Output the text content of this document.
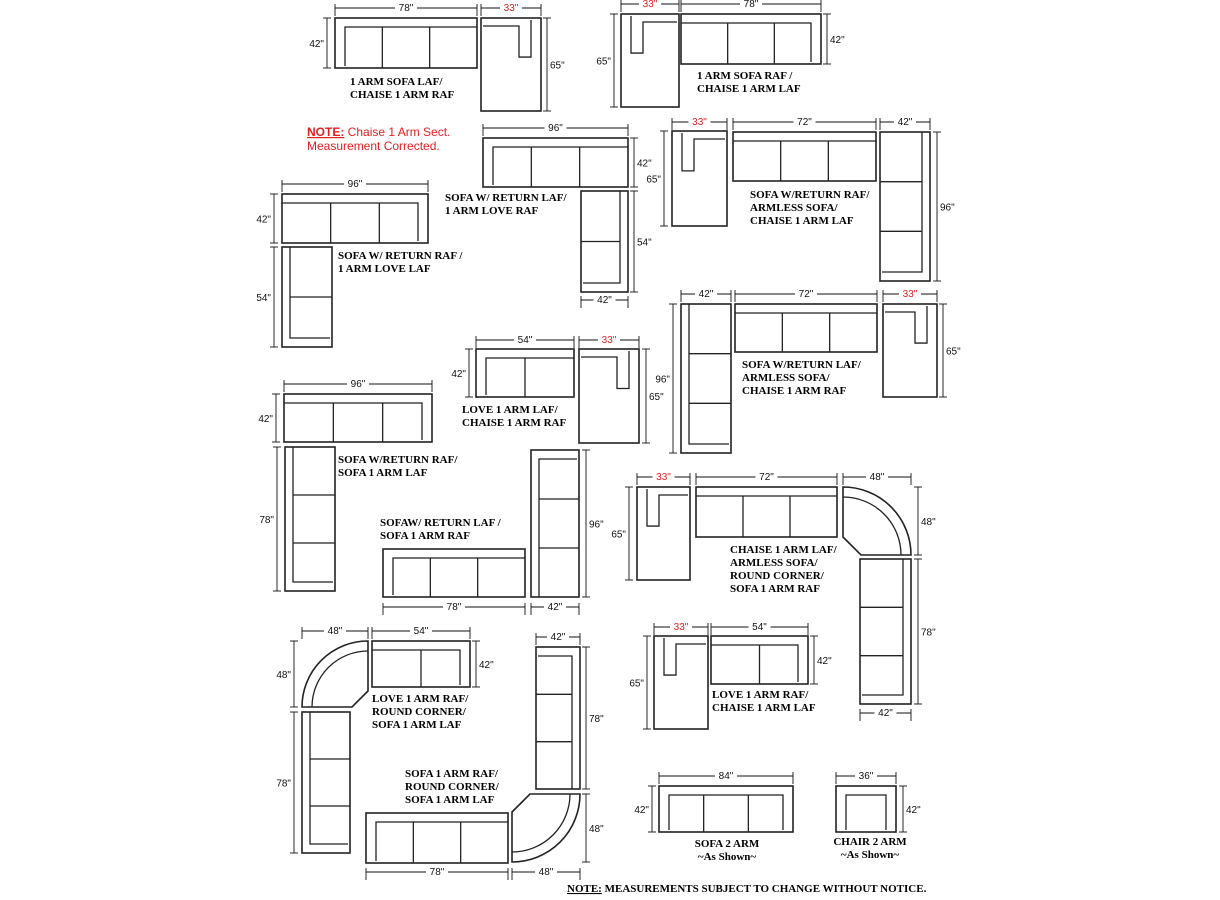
78"	33"
42"
65"
1 ARM SOFA LAF/
CHAISE 1 ARM RAF
33"	78"
65"
42"
1 ARM SOFA RAF /
CHAISE 1 ARM LAF
NOTE: Chaise 1 Arm Sect.
Measurement Corrected.
96"
42"
54"
42"
SOFA W/ RETURN LAF/
1 ARM LOVE RAF
33"	72"	42"
65"
96"
SOFA W/RETURN RAF/
ARMLESS SOFA/
CHAISE 1 ARM LAF
96"
42"
54"
SOFA W/ RETURN RAF /
1 ARM LOVE LAF
42"	72"	33"
96"
65"
SOFA W/RETURN LAF/
ARMLESS SOFA/
CHAISE 1 ARM RAF
54"	33"
42"
65"
LOVE 1 ARM LAF/
CHAISE 1 ARM RAF
96"
42"
78"
SOFA W/RETURN RAF/
SOFA 1 ARM LAF
96"
78"	42"
SOFAW/ RETURN LAF /
SOFA 1 ARM RAF
33"	72"	48"
65"
48"
78"
42"
CHAISE 1 ARM LAF/
ARMLESS SOFA/
ROUND CORNER/
SOFA 1 ARM RAF
48"	54"
48"
42"
78"
LOVE 1 ARM RAF/
ROUND CORNER/
SOFA 1 ARM LAF
33"	54"
65"
42"
LOVE 1 ARM RAF/
CHAISE 1 ARM LAF
42"
78"
48"
78"	48"
SOFA 1 ARM RAF/
ROUND CORNER/
SOFA 1 ARM LAF
84"
42"
SOFA 2 ARM
~As Shown~
36"
42"
CHAIR 2 ARM
~As Shown~
NOTE: MEASUREMENTS SUBJECT TO CHANGE WITHOUT NOTICE.
